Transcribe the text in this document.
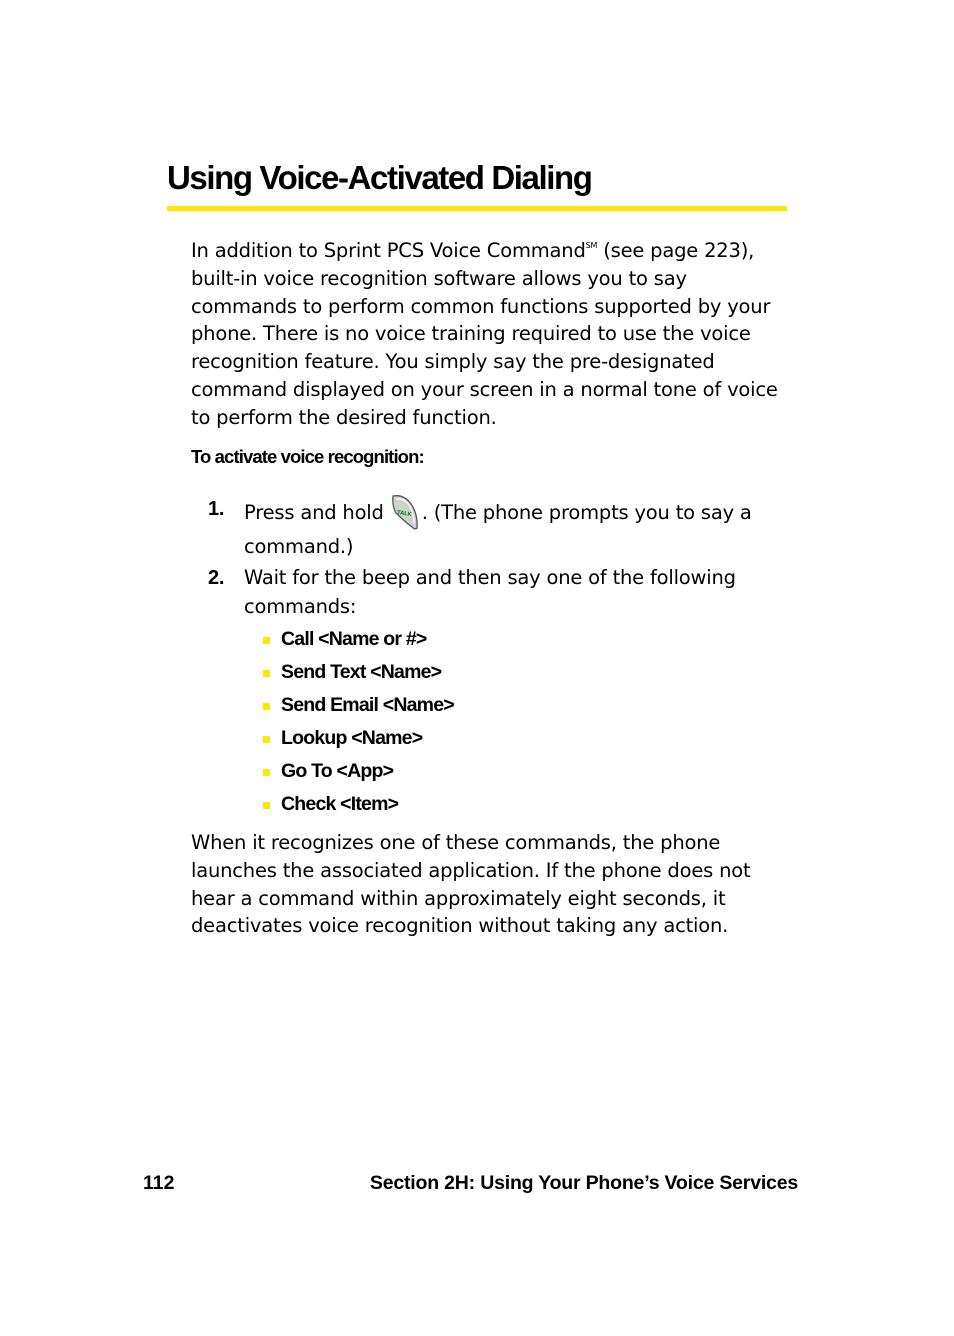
Using Voice-Activated Dialing

In addition to Sprint PCS Voice Command℠ (see page 223), built-in voice recognition software allows you to say commands to perform common functions supported by your phone. There is no voice training required to use the voice recognition feature. You simply say the pre-designated command displayed on your screen in a normal tone of voice to perform the desired function.

To activate voice recognition:
1. Press and hold TALK . (The phone prompts you to say a command.)
2. Wait for the beep and then say one of the following commands:
Call <Name or #>
Send Text <Name>
Send Email <Name>
Lookup <Name>
Go To <App>
Check <Item>

When it recognizes one of these commands, the phone launches the associated application. If the phone does not hear a command within approximately eight seconds, it deactivates voice recognition without taking any action.

112	Section 2H: Using Your Phone’s Voice Services
